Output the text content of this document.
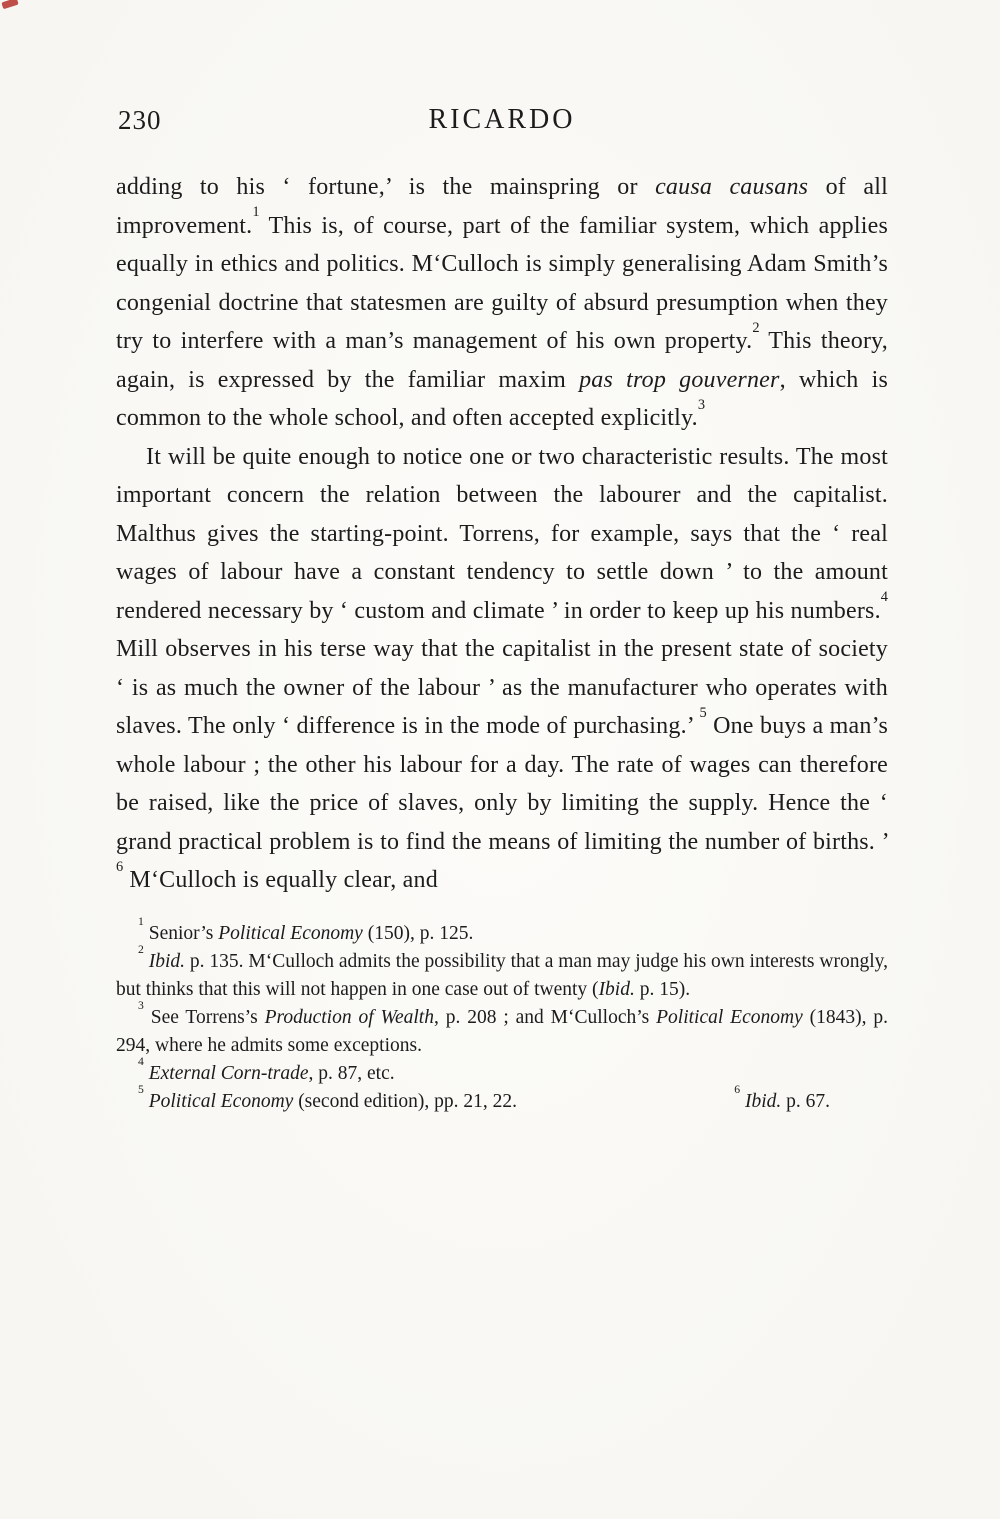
230	RICARDO

adding to his ‘ fortune,’ is the mainspring or causa causans of all improvement.$^1$ This is, of course, part of the familiar system, which applies equally in ethics and politics. M‘Culloch is simply generalising Adam Smith’s congenial doctrine that statesmen are guilty of absurd presumption when they try to interfere with a man’s management of his own property.$^2$ This theory, again, is expressed by the familiar maxim pas trop gouverner, which is common to the whole school, and often accepted explicitly.$^3$

It will be quite enough to notice one or two characteristic results. The most important concern the relation between the labourer and the capitalist. Malthus gives the starting-point. Torrens, for example, says that the ‘ real wages of labour have a constant tendency to settle down ’ to the amount rendered necessary by ‘ custom and climate ’ in order to keep up his numbers.$^4$ Mill observes in his terse way that the capitalist in the present state of society ‘ is as much the owner of the labour ’ as the manufacturer who operates with slaves. The only ‘ difference is in the mode of purchasing.’ $^5$ One buys a man’s whole labour ; the other his labour for a day. The rate of wages can therefore be raised, like the price of slaves, only by limiting the supply. Hence the ‘ grand practical problem is to find the means of limiting the number of births. ’ $^6$ M‘Culloch is equally clear, and

$^1$ Senior’s Political Economy (150), p. 125.

$^2$ Ibid. p. 135. M‘Culloch admits the possibility that a man may judge his own interests wrongly, but thinks that this will not happen in one case out of twenty (Ibid. p. 15).

$^3$ See Torrens’s Production of Wealth, p. 208 ; and M‘Culloch’s Political Economy (1843), p. 294, where he admits some exceptions.

$^4$ External Corn-trade, p. 87, etc.

$^5$ Political Economy (second edition), pp. 21, 22.

$^6$ Ibid. p. 67.
